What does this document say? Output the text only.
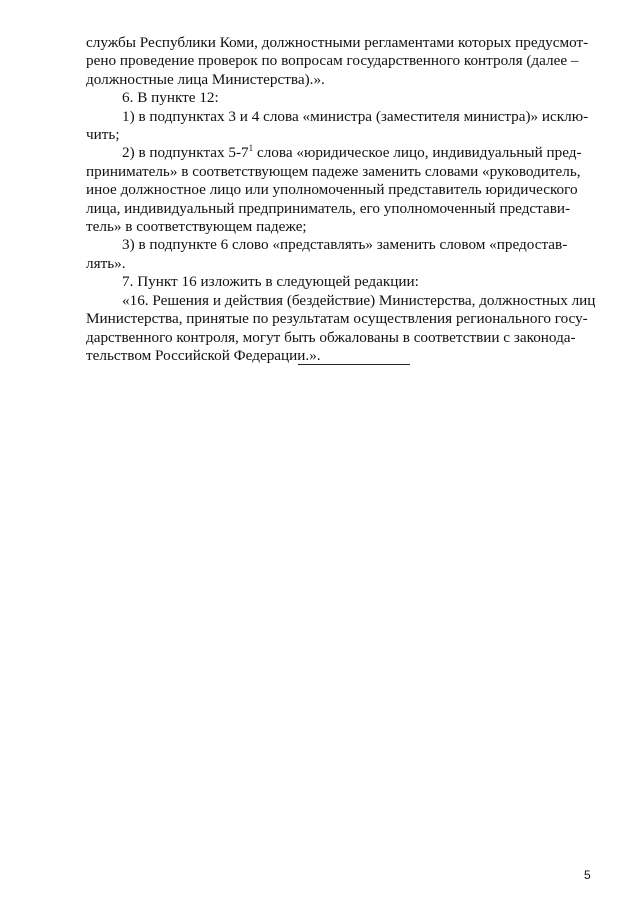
службы Республики Коми, должностными регламентами которых предусмот-

рено проведение проверок по вопросам государственного контроля (далее –

должностные лица Министерства).».

6. В пункте 12:

1) в подпунктах 3 и 4 слова «министра (заместителя министра)» исклю-

чить;

2) в подпунктах $5-7^1$ слова «юридическое лицо, индивидуальный пред-

приниматель» в соответствующем падеже заменить словами «руководитель,

иное должностное лицо или уполномоченный представитель юридического

лица, индивидуальный предприниматель, его уполномоченный представи-

тель» в соответствующем падеже;

3) в подпункте 6 слово «представлять» заменить словом «предостав-

лять».

7. Пункт 16 изложить в следующей редакции:

«16. Решения и действия (бездействие) Министерства, должностных лиц

Министерства, принятые по результатам осуществления регионального госу-

дарственного контроля, могут быть обжалованы в соответствии с законода-

тельством Российской Федерации.».

5
